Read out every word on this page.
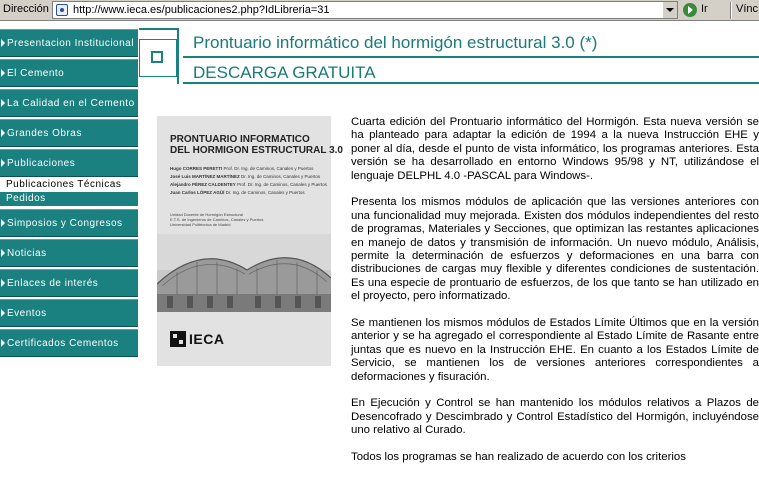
Dirección http://www.ieca.es/publicaciones2.php?IdLibreria=31	Ir	Vínc
Presentacion Institucional
El Cemento
La Calidad en el Cemento
Grandes Obras
Publicaciones
Publicaciones Técnicas
Pedidos
Simposios y Congresos
Noticias
Enlaces de interés
Eventos
Certificados Cementos
Prontuario informático del hormigón estructural 3.0 (*)
DESCARGA GRATUITA
PRONTUARIO INFORMATICO
DEL HORMIGON ESTRUCTURAL 3.0
Hugo CORRES PERETTI Prof. Dr. Ing. de Caminos, Canales y Puertos
José Luis MARTÍNEZ MARTÍNEZ Dr. Ing. de Caminos, Canales y Puertos
Alejandro PÉREZ CALDENTEY Prof. Dr. Ing. de Caminos, Canales y Puertos
Juan Carlos LÓPEZ AGÜÍ Dr. Ing. de Caminos, Canales y Puertos
Unidad Docente de Hormigón Estructural
E.T.S. de Ingenieros de Caminos, Canales y Puertos
Universidad Politécnica de Madrid
IECA

Cuarta edición del Prontuario informático del Hormigón. Esta nueva versión se ha planteado para adaptar la edición de 1994 a la nueva Instrucción EHE y poner al día, desde el punto de vista informático, los programas anteriores. Esta versión se ha desarrollado en entorno Windows 95/98 y NT, utilizándose el lenguaje DELPHL 4.0 -PASCAL para Windows-.

Presenta los mismos módulos de aplicación que las versiones anteriores con una funcionalidad muy mejorada. Existen dos módulos independientes del resto de programas, Materiales y Secciones, que optimizan las restantes aplicaciones en manejo de datos y transmisión de información. Un nuevo módulo, Análisis, permite la determinación de esfuerzos y deformaciones en una barra con distribuciones de cargas muy flexible y diferentes condiciones de sustentación. Es una especie de prontuario de esfuerzos, de los que tanto se han utilizado en el proyecto, pero informatizado.

Se mantienen los mismos módulos de Estados Límite Últimos que en la versión anterior y se ha agregado el correspondiente al Estado Límite de Rasante entre juntas que es nuevo en la Instrucción EHE. En cuanto a los Estados Límite de Servicio, se mantienen los de versiones anteriores correspondientes a deformaciones y fisuración.

En Ejecución y Control se han mantenido los módulos relativos a Plazos de Desencofrado y Descimbrado y Control Estadístico del Hormigón, incluyéndose uno relativo al Curado.

Todos los programas se han realizado de acuerdo con los criterios
